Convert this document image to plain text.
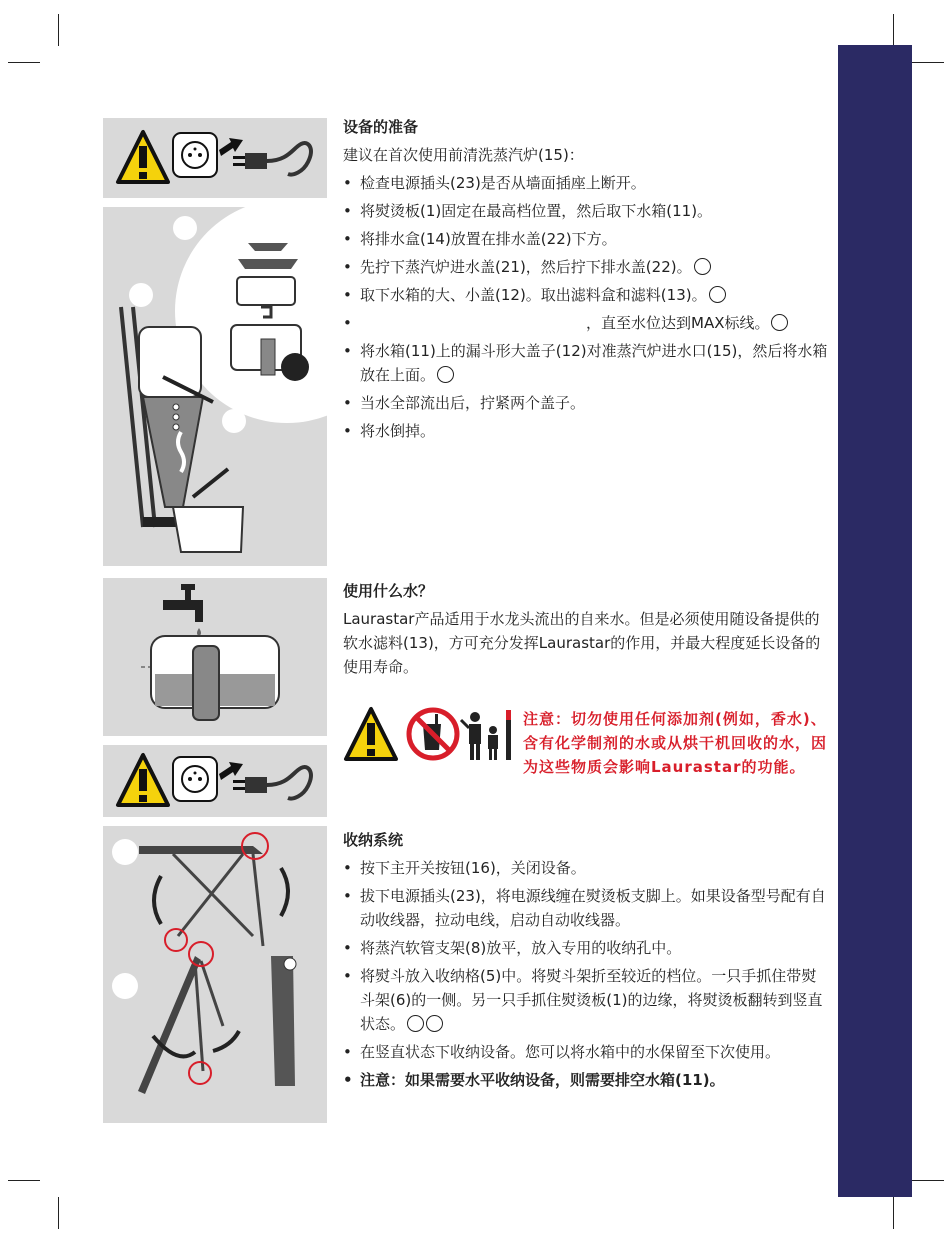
设备的准备

建议在首次使用前清洗蒸汽炉(15)：

• 检查电源插头(23)是否从墙面插座上断开。
• 将熨烫板(1)固定在最高档位置，然后取下水箱(11)。
• 将排水盒(14)放置在排水盖(22)下方。
• 先拧下蒸汽炉进水盖(21)，然后拧下排水盖(22)。
• 取下水箱的大、小盖(12)。取出滤料盒和滤料(13)。
• ，直至水位达到MAX标线。
• 将水箱(11)上的漏斗形大盖子(12)对准蒸汽炉进水口(15)，然后将水箱放在上面。
• 当水全部流出后，拧紧两个盖子。
• 将水倒掉。
使用什么水？

Laurastar产品适用于水龙头流出的自来水。但是必须使用随设备提供的软水滤料(13)，方可充分发挥Laurastar的作用，并最大程度延长设备的使用寿命。

注意：切勿使用任何添加剂(例如，香水)、含有化学制剂的水或从烘干机回收的水，因为这些物质会影响Laurastar的功能。
收纳系统
• 按下主开关按钮(16)，关闭设备。
• 拔下电源插头(23)，将电源线缠在熨烫板支脚上。如果设备型号配有自动收线器，拉动电线，启动自动收线器。
• 将蒸汽软管支架(8)放平，放入专用的收纳孔中。
• 将熨斗放入收纳格(5)中。将熨斗架折至较近的档位。一只手抓住带熨斗架(6)的一侧。另一只手抓住熨烫板(1)的边缘，将熨烫板翻转到竖直状态。
• 在竖直状态下收纳设备。您可以将水箱中的水保留至下次使用。
• 注意：如果需要水平收纳设备，则需要排空水箱(11)。
